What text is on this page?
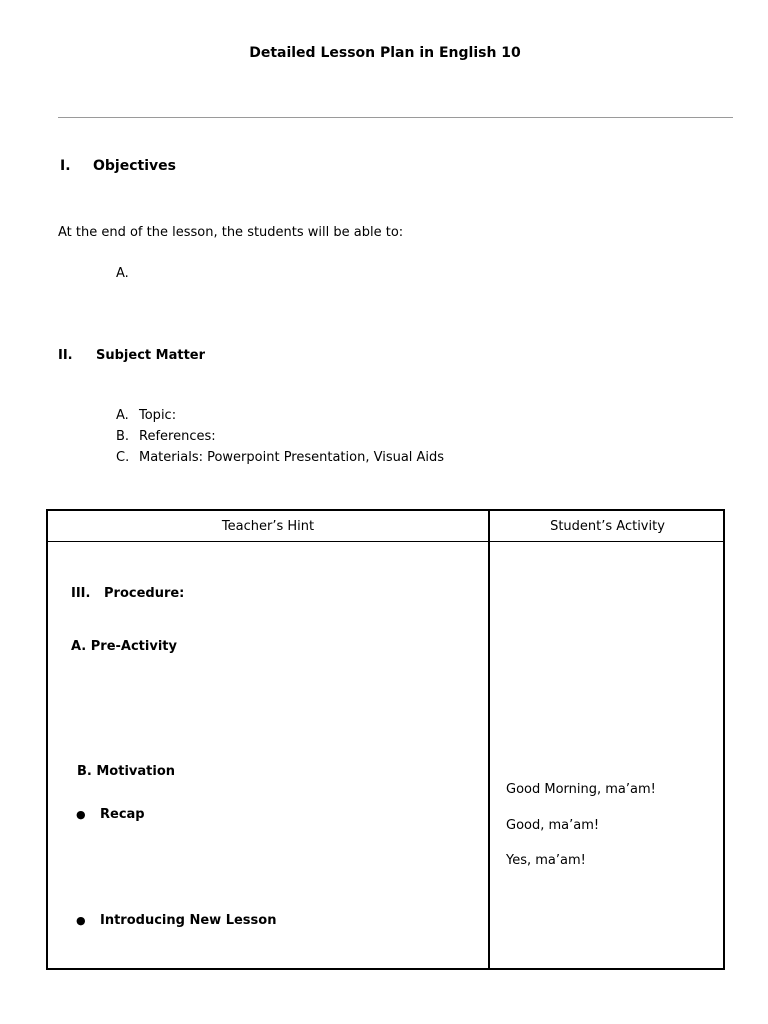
Detailed Lesson Plan in English 10
I. Objectives
At the end of the lesson, the students will be able to:
A.
II. Subject Matter
A. Topic:
B. References:
C. Materials: Powerpoint Presentation, Visual Aids
Teacher’s Hint	Student’s Activity
III. Procedure:
A. Pre-Activity
B. Motivation
● Recap
● Introducing New Lesson
Good Morning, ma’am!
Good, ma’am!
Yes, ma’am!
